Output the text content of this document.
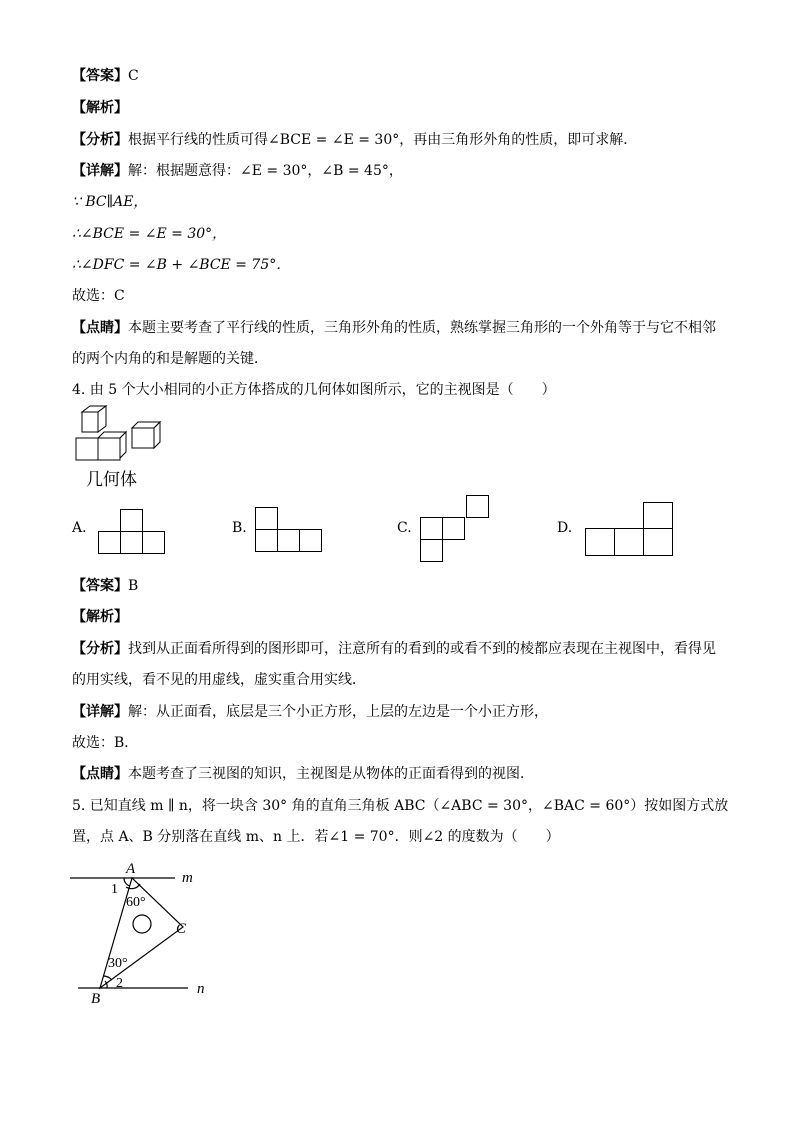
【答案】C
【解析】
【分析】根据平行线的性质可得∠BCE = ∠E = 30°，再由三角形外角的性质，即可求解．
【详解】解：根据题意得：∠E = 30°，∠B = 45°，
∵ BC∥AE，
∴∠BCE = ∠E = 30°，
∴∠DFC = ∠B + ∠BCE = 75°．
故选：C
【点睛】本题主要考查了平行线的性质，三角形外角的性质，熟练掌握三角形的一个外角等于与它不相邻
的两个内角的和是解题的关键．
4. 由 5 个大小相同的小正方体搭成的几何体如图所示，它的主视图是（　　）
几何体
A.	B.	C.	D.
【答案】B
【解析】
【分析】找到从正面看所得到的图形即可，注意所有的看到的或看不到的棱都应表现在主视图中，看得见
的用实线，看不见的用虚线，虚实重合用实线．
【详解】解：从正面看，底层是三个小正方形，上层的左边是一个小正方形，
故选：B．
【点睛】本题考查了三视图的知识，主视图是从物体的正面看得到的视图．
5. 已知直线 m ∥ n，将一块含 30° 角的直角三角板 ABC（∠ABC = 30°，∠BAC = 60°）按如图方式放
置，点 A、B 分别落在直线 m、n 上．若∠1 = 70°．则∠2 的度数为（　　）
A
m
1
60°
C
30°
2	n
B
